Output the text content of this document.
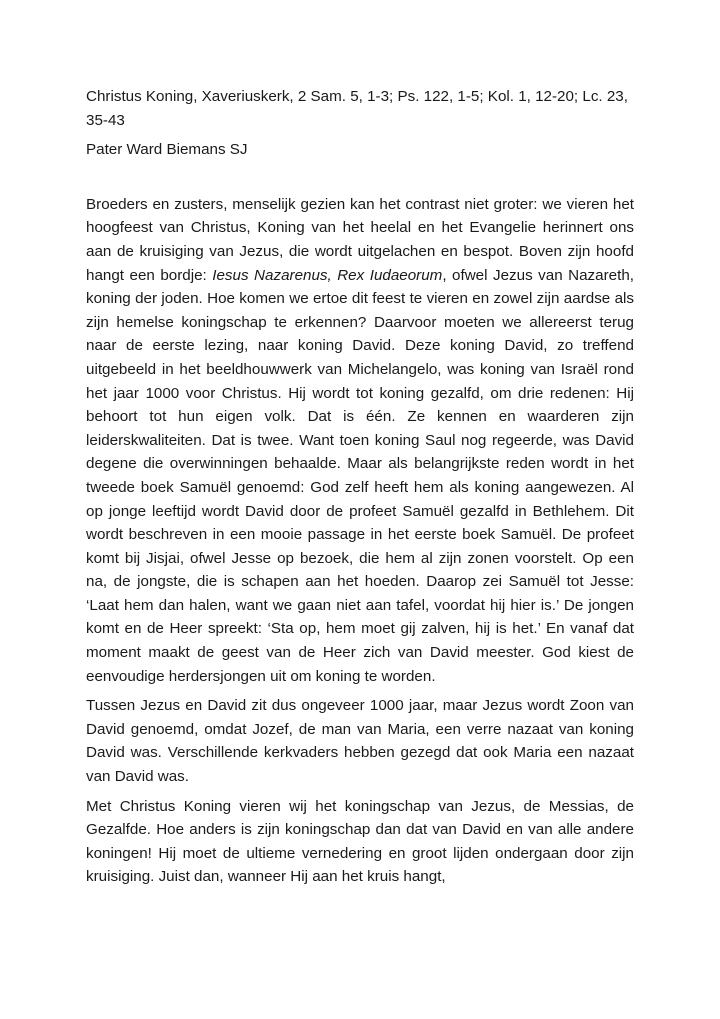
Christus Koning, Xaveriuskerk, 2 Sam. 5, 1-3; Ps. 122, 1-5; Kol. 1, 12-20; Lc. 23, 35-43

Pater Ward Biemans SJ

Broeders en zusters, menselijk gezien kan het contrast niet groter: we vieren het hoogfeest van Christus, Koning van het heelal en het Evangelie herinnert ons aan de kruisiging van Jezus, die wordt uitgelachen en bespot. Boven zijn hoofd hangt een bordje: Iesus Nazarenus, Rex Iudaeorum, ofwel Jezus van Nazareth, koning der joden. Hoe komen we ertoe dit feest te vieren en zowel zijn aardse als zijn hemelse koningschap te erkennen? Daarvoor moeten we allereerst terug naar de eerste lezing, naar koning David. Deze koning David, zo treffend uitgebeeld in het beeldhouwwerk van Michelangelo, was koning van Israël rond het jaar 1000 voor Christus. Hij wordt tot koning gezalfd, om drie redenen: Hij behoort tot hun eigen volk. Dat is één. Ze kennen en waarderen zijn leiderskwaliteiten. Dat is twee. Want toen koning Saul nog regeerde, was David degene die overwinningen behaalde. Maar als belangrijkste reden wordt in het tweede boek Samuël genoemd: God zelf heeft hem als koning aangewezen. Al op jonge leeftijd wordt David door de profeet Samuël gezalfd in Bethlehem. Dit wordt beschreven in een mooie passage in het eerste boek Samuël. De profeet komt bij Jisjai, ofwel Jesse op bezoek, die hem al zijn zonen voorstelt. Op een na, de jongste, die is schapen aan het hoeden. Daarop zei Samuël tot Jesse: ‘Laat hem dan halen, want we gaan niet aan tafel, voordat hij hier is.’ De jongen komt en de Heer spreekt: ‘Sta op, hem moet gij zalven, hij is het.’ En vanaf dat moment maakt de geest van de Heer zich van David meester. God kiest de eenvoudige herdersjongen uit om koning te worden.

Tussen Jezus en David zit dus ongeveer 1000 jaar, maar Jezus wordt Zoon van David genoemd, omdat Jozef, de man van Maria, een verre nazaat van koning David was. Verschillende kerkvaders hebben gezegd dat ook Maria een nazaat van David was.

Met Christus Koning vieren wij het koningschap van Jezus, de Messias, de Gezalfde. Hoe anders is zijn koningschap dan dat van David en van alle andere koningen! Hij moet de ultieme vernedering en groot lijden ondergaan door zijn kruisiging. Juist dan, wanneer Hij aan het kruis hangt,
